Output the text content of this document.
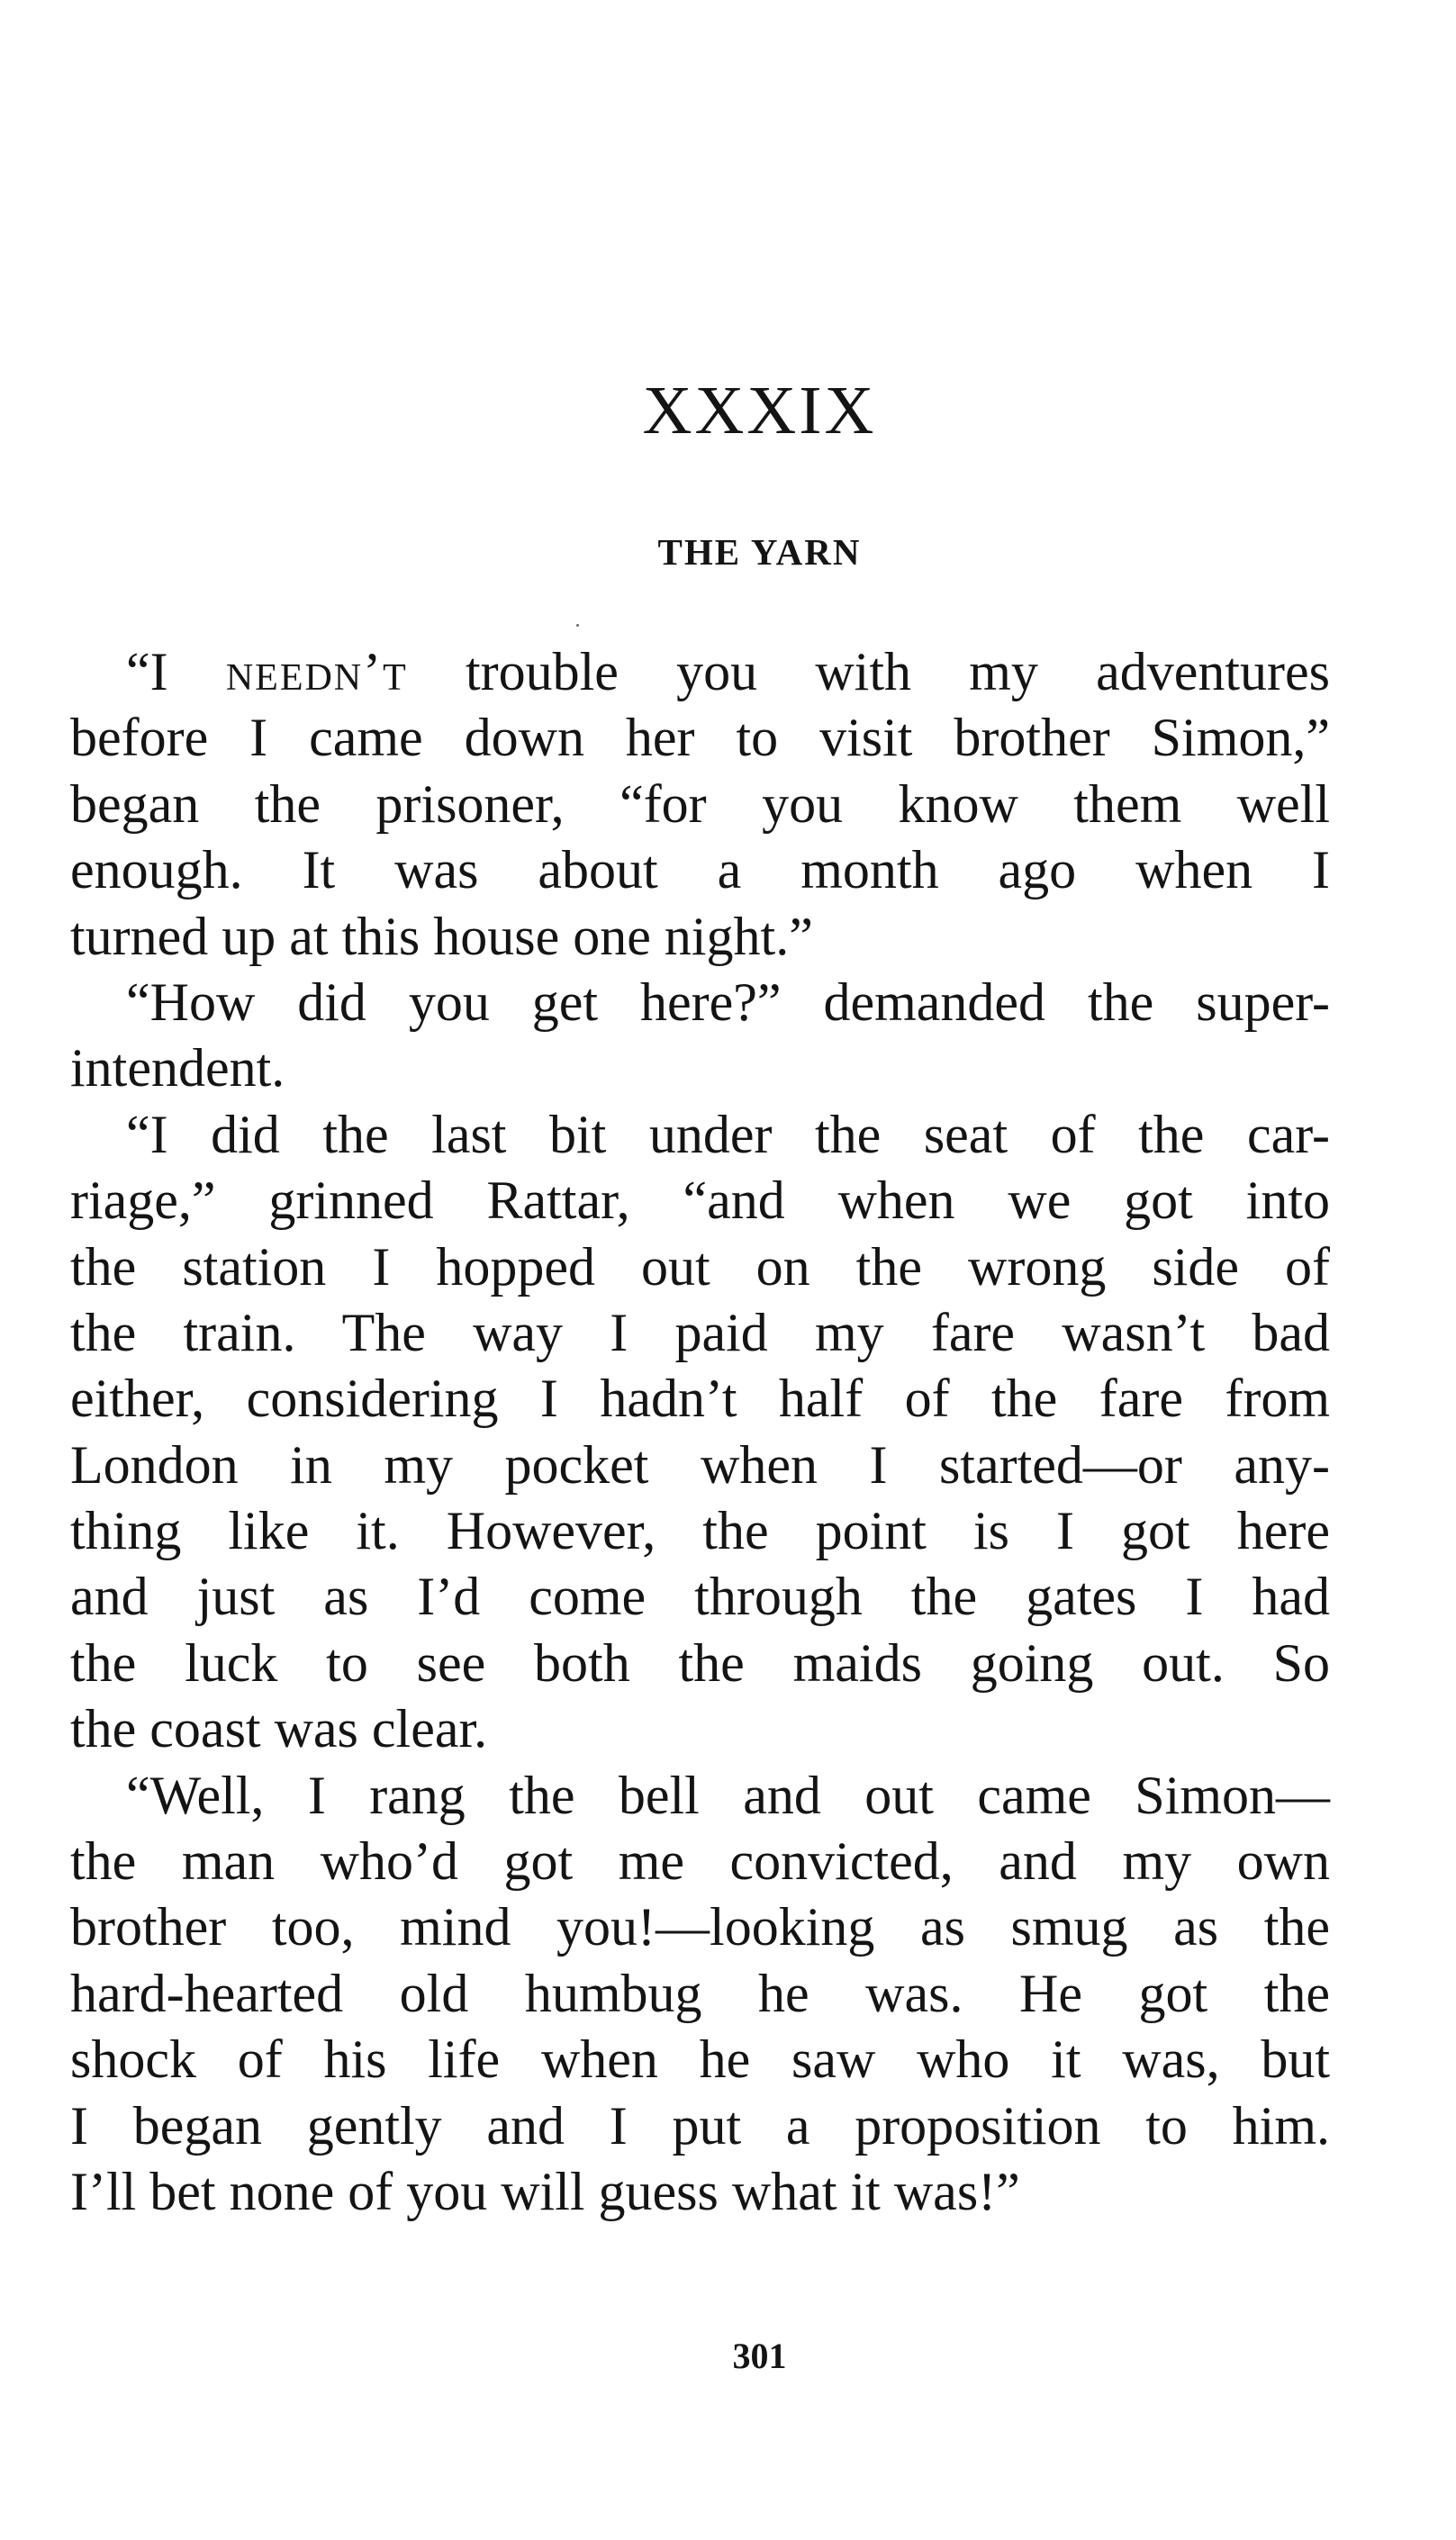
XXXIX
THE YARN
“I needn’t trouble you with my adventures
before I came down her to visit brother Simon,”
began the prisoner, “for you know them well
enough. It was about a month ago when I
turned up at this house one night.”
“How did you get here?” demanded the super-
intendent.
“I did the last bit under the seat of the car-
riage,” grinned Rattar, “and when we got into
the station I hopped out on the wrong side of
the train. The way I paid my fare wasn’t bad
either, considering I hadn’t half of the fare from
London in my pocket when I started—or any-
thing like it. However, the point is I got here
and just as I’d come through the gates I had
the luck to see both the maids going out. So
the coast was clear.
“Well, I rang the bell and out came Simon—
the man who’d got me convicted, and my own
brother too, mind you!—looking as smug as the
hard-hearted old humbug he was. He got the
shock of his life when he saw who it was, but
I began gently and I put a proposition to him.
I’ll bet none of you will guess what it was!”
301
